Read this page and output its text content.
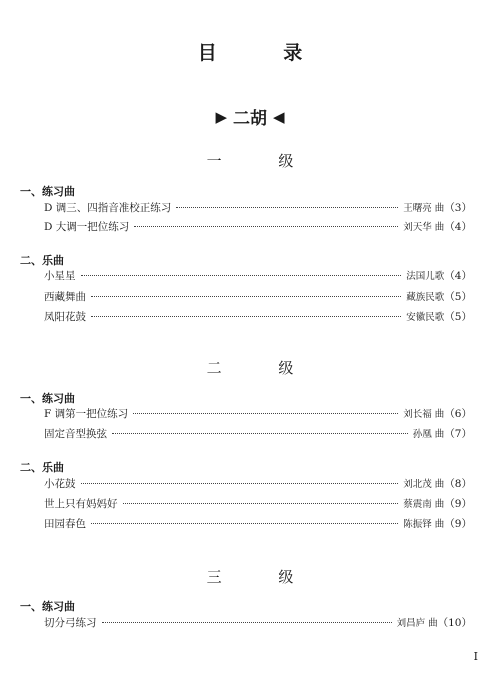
目 录
▶ 二胡 ◀
一 级
一、练习曲
D 调三、四指音准校正练习	王曙亮 曲 （3）
D 大调一把位练习	刘天华 曲 （4）
二、乐曲
小星星	法国儿歌 （4）
西藏舞曲	藏族民歌 （5）
凤阳花鼓	安徽民歌 （5）
二 级
一、练习曲
F 调第一把位练习	刘长福 曲 （6）
固定音型换弦	孙凰 曲 （7）
二、乐曲
小花鼓	刘北茂 曲 （8）
世上只有妈妈好	蔡震南 曲 （9）
田园春色	陈振铎 曲 （9）
三 级
一、练习曲
切分弓练习	刘昌庐 曲 （10）
I
